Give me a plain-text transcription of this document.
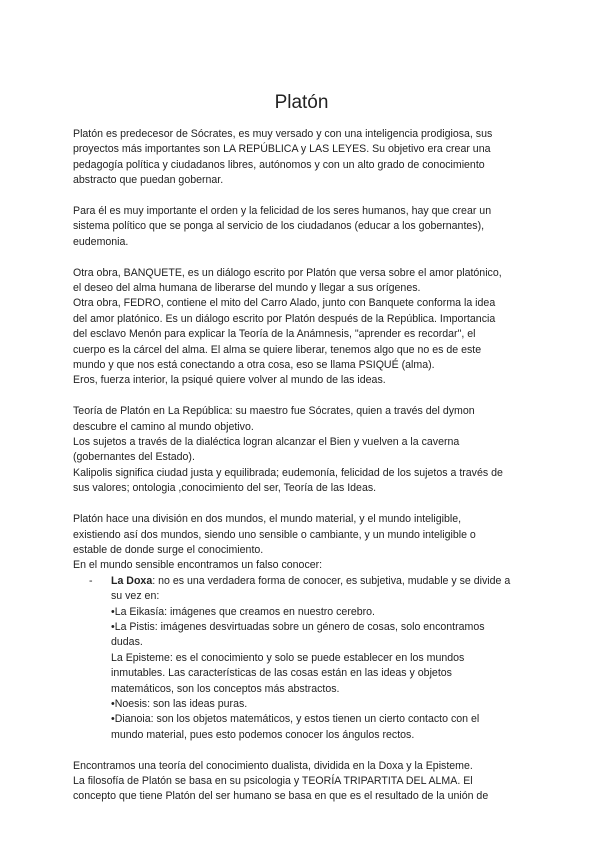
Platón

Platón es predecesor de Sócrates, es muy versado y con una inteligencia prodigiosa, sus
proyectos más importantes son LA REPÚBLICA y LAS LEYES. Su objetivo era crear una
pedagogía política y ciudadanos libres, autónomos y con un alto grado de conocimiento
abstracto que puedan gobernar.

Para él es muy importante el orden y la felicidad de los seres humanos, hay que crear un
sistema político que se ponga al servicio de los ciudadanos (educar a los gobernantes),
eudemonia.

Otra obra, BANQUETE, es un diálogo escrito por Platón que versa sobre el amor platónico,
el deseo del alma humana de liberarse del mundo y llegar a sus orígenes.
Otra obra, FEDRO, contiene el mito del Carro Alado, junto con Banquete conforma la idea
del amor platónico. Es un diálogo escrito por Platón después de la República. Importancia
del esclavo Menón para explicar la Teoría de la Anámnesis, "aprender es recordar", el
cuerpo es la cárcel del alma. El alma se quiere liberar, tenemos algo que no es de este
mundo y que nos está conectando a otra cosa, eso se llama PSIQUÉ (alma).
Eros, fuerza interior, la psiqué quiere volver al mundo de las ideas.

Teoría de Platón en La República: su maestro fue Sócrates, quien a través del dymon
descubre el camino al mundo objetivo.
Los sujetos a través de la dialéctica logran alcanzar el Bien y vuelven a la caverna
(gobernantes del Estado).
Kalipolis significa ciudad justa y equilibrada; eudemonía, felicidad de los sujetos a través de
sus valores; ontologia ,conocimiento del ser, Teoría de las Ideas.

Platón hace una división en dos mundos, el mundo material, y el mundo inteligible,
existiendo así dos mundos, siendo uno sensible o cambiante, y un mundo inteligible o
estable de donde surge el conocimiento.
En el mundo sensible encontramos un falso conocer:

-	La Doxa: no es una verdadera forma de conocer, es subjetiva, mudable y se divide a
su vez en:

•La Eikasía: imágenes que creamos en nuestro cerebro.
•La Pistis: imágenes desvirtuadas sobre un género de cosas, solo encontramos
dudas.
La Episteme: es el conocimiento y solo se puede establecer en los mundos
inmutables. Las características de las cosas están en las ideas y objetos
matemáticos, son los conceptos más abstractos.
•Noesis: son las ideas puras.
•Dianoia: son los objetos matemáticos, y estos tienen un cierto contacto con el
mundo material, pues esto podemos conocer los ángulos rectos.

Encontramos una teoría del conocimiento dualista, dividida en la Doxa y la Episteme.
La filosofía de Platón se basa en su psicologia y TEORÍA TRIPARTITA DEL ALMA. El
concepto que tiene Platón del ser humano se basa en que es el resultado de la unión de
